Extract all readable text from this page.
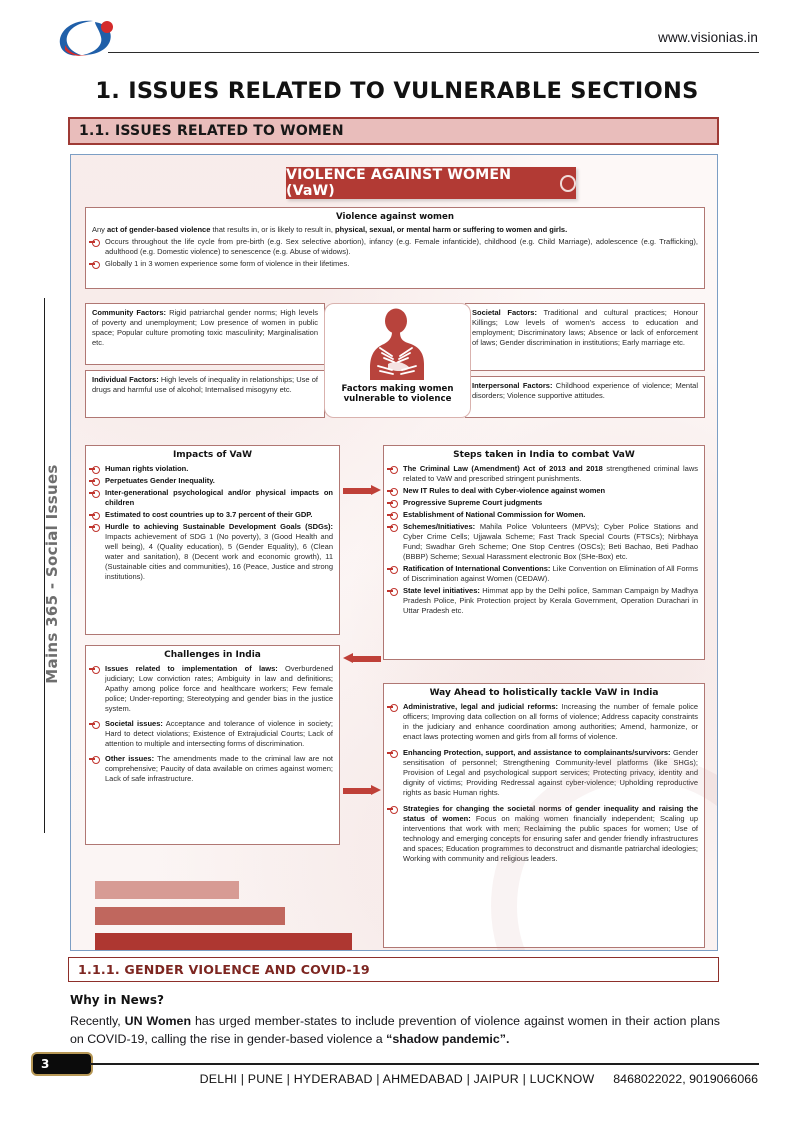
www.visionias.in
1. ISSUES RELATED TO VULNERABLE SECTIONS
1.1. ISSUES RELATED TO WOMEN
Mains 365 - Social Issues
VIOLENCE AGAINST WOMEN (VaW)
Violence against women
Any act of gender-based violence that results in, or is likely to result in, physical, sexual, or mental harm or suffering to women and girls.
Occurs throughout the life cycle from pre-birth (e.g. Sex selective abortion), infancy (e.g. Female infanticide), childhood (e.g. Child Marriage), adolescence (e.g. Trafficking), adulthood (e.g. Domestic violence) to senescence (e.g. Abuse of widows).
Globally 1 in 3 women experience some form of violence in their lifetimes.
Community Factors: Rigid patriarchal gender norms; High levels of poverty and unemployment; Low presence of women in public space; Popular culture promoting toxic masculinity; Marginalisation etc.
Individual Factors: High levels of inequality in relationships; Use of drugs and harmful use of alcohol; Internalised misogyny etc.
Societal Factors: Traditional and cultural practices; Honour Killings; Low levels of women's access to education and employment; Discriminatory laws; Absence or lack of enforcement of laws; Gender discrimination in institutions; Early marriage etc.
Interpersonal Factors: Childhood experience of violence; Mental disorders; Violence supportive attitudes.
Factors making women
vulnerable to violence
Impacts of VaW
Human rights violation.
Perpetuates Gender Inequality.
Inter-generational psychological and/or physical impacts on children
Estimated to cost countries up to 3.7 percent of their GDP.
Hurdle to achieving Sustainable Development Goals (SDGs): Impacts achievement of SDG 1 (No poverty), 3 (Good Health and well being), 4 (Quality education), 5 (Gender Equality), 6 (Clean water and sanitation), 8 (Decent work and economic growth), 11 (Sustainable cities and communities), 16 (Peace, Justice and strong institutions).
Steps taken in India to combat VaW
The Criminal Law (Amendment) Act of 2013 and 2018 strengthened criminal laws related to VaW and prescribed stringent punishments.
New IT Rules to deal with Cyber-violence against women
Progressive Supreme Court judgments
Establishment of National Commission for Women.
Schemes/Initiatives: Mahila Police Volunteers (MPVs); Cyber Police Stations and Cyber Crime Cells; Ujjawala Scheme; Fast Track Special Courts (FTSCs); Nirbhaya Fund; Swadhar Greh Scheme; One Stop Centres (OSCs); Beti Bachao, Beti Padhao (BBBP) Scheme; Sexual Harassment electronic Box (SHe-Box) etc.
Ratification of International Conventions: Like Convention on Elimination of All Forms of Discrimination against Women (CEDAW).
State level initiatives: Himmat app by the Delhi police, Samman Campaign by Madhya Pradesh Police, Pink Protection project by Kerala Government, Operation Durachari in Uttar Pradesh etc.
Challenges in India
Issues related to implementation of laws: Overburdened judiciary; Low conviction rates; Ambiguity in law and definitions; Apathy among police force and healthcare workers; Few female police; Under-reporting; Stereotyping and gender bias in the justice system.
Societal issues: Acceptance and tolerance of violence in society; Hard to detect violations; Existence of Extrajudicial Courts; Lack of attention to multiple and intersecting forms of discrimination.
Other issues: The amendments made to the criminal law are not comprehensive; Paucity of data available on crimes against women; Lack of safe infrastructure.
Way Ahead to holistically tackle VaW in India
Administrative, legal and judicial reforms: Increasing the number of female police officers; Improving data collection on all forms of violence; Address capacity constraints in the judiciary and enhance coordination among authorities; Amend, harmonize, or enact laws protecting women and girls from all forms of violence.
Enhancing Protection, support, and assistance to complainants/survivors: Gender sensitisation of personnel; Strengthening Community-level platforms (like SHGs); Provision of Legal and psychological support services; Protecting privacy, identity and dignity of victims; Providing Redressal against cyber-violence; Upholding reproductive rights as basic Human rights.
Strategies for changing the societal norms of gender inequality and raising the status of women: Focus on making women financially independent; Scaling up interventions that work with men; Reclaiming the public spaces for women; Use of technology and emerging concepts for ensuring safer and gender friendly infrastructures and spaces; Education programmes to deconstruct and dismantle patriarchal ideologies; Working with community and religious leaders.
1.1.1. GENDER VIOLENCE AND COVID-19
Why in News?
Recently, UN Women has urged member-states to include prevention of violence against women in their action plans on COVID-19, calling the rise in gender-based violence a “shadow pandemic”.
3
DELHI | PUNE | HYDERABAD | AHMEDABAD | JAIPUR | LUCKNOW	8468022022, 9019066066
